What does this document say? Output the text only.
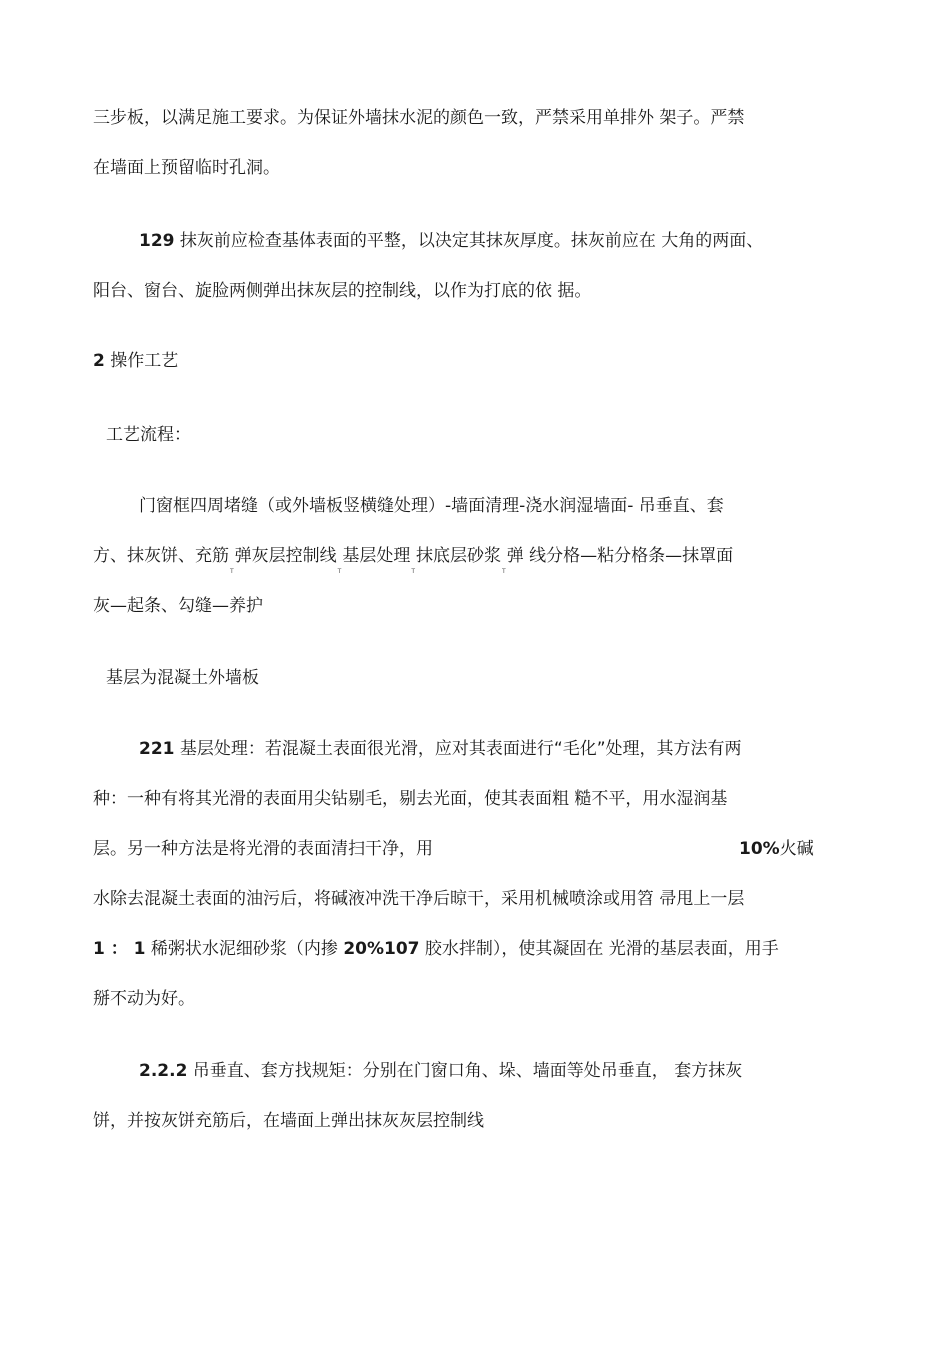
三步板，以满足施工要求。为保证外墙抹水泥的颜色一致，严禁采用单排外 架子。严禁
在墙面上预留临时孔洞。
129 抹灰前应检查基体表面的平整，以决定其抹灰厚度。抹灰前应在 大角的两面、
阳台、窗台、旋脸两侧弹出抹灰层的控制线，以作为打底的依 据。
2 操作工艺
工艺流程：
门窗框四周堵缝（或外墙板竖横缝处理）-墙面清理-浇水润湿墙面- 吊垂直、套
方、抹灰饼、充筋T弹灰层控制线T基层处理T抹底层砂浆T弹 线分格—粘分格条—抹罩面
灰—起条、勾缝—养护
基层为混凝土外墙板
221 基层处理：若混凝土表面很光滑，应对其表面进行“毛化”处理，其方法有两
种：一种有将其光滑的表面用尖钻剔毛，剔去光面，使其表面粗 糙不平，用水湿润基
层。另一种方法是将光滑的表面清扫干净，用	10%火碱
水除去混凝土表面的油污后，将碱液冲洗干净后晾干，采用机械喷涂或用笤 帚甩上一层
1 ： 1 稀粥状水泥细砂浆（内掺 20%107 胶水拌制），使其凝固在 光滑的基层表面，用手
掰不动为好。
2.2.2 吊垂直、套方找规矩：分别在门窗口角、垛、墙面等处吊垂直， 套方抹灰
饼，并按灰饼充筋后，在墙面上弹出抹灰灰层控制线
